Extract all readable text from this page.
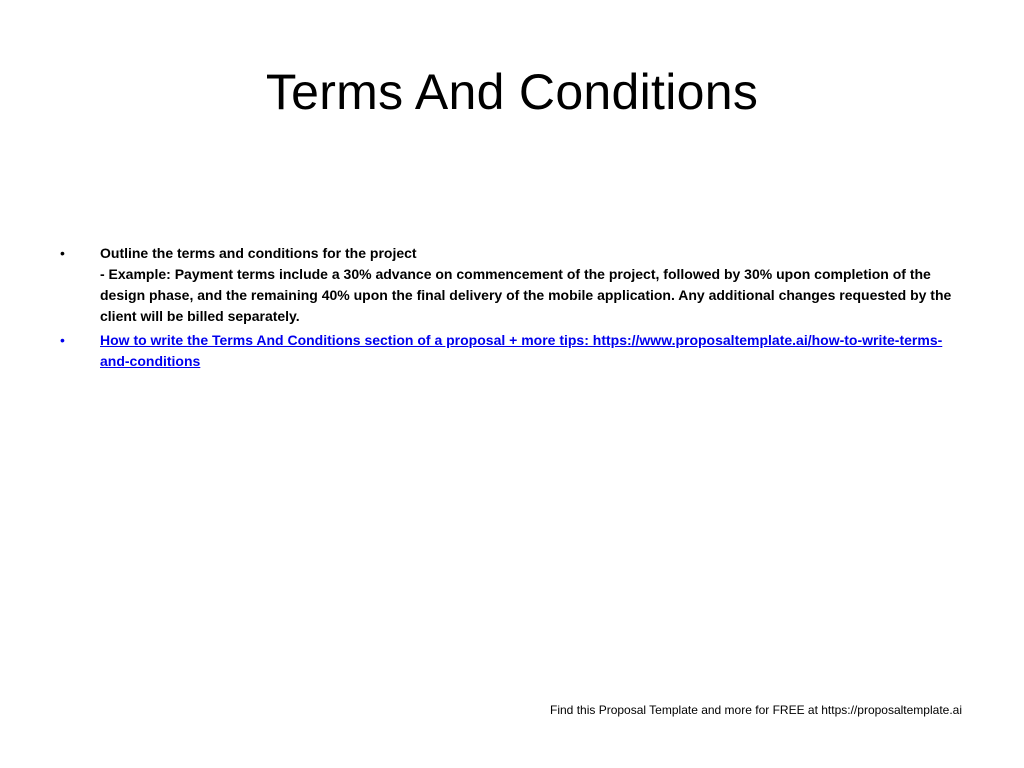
Terms And Conditions
•	Outline the terms and conditions for the project
- Example: Payment terms include a 30% advance on commencement of the project, followed by 30% upon completion of the design phase, and the remaining 40% upon the final delivery of the mobile application. Any additional changes requested by the client will be billed separately.
•	How to write the Terms And Conditions section of a proposal + more tips: https://www.proposaltemplate.ai/how-to-write-terms-and-conditions
Find this Proposal Template and more for FREE at https://proposaltemplate.ai
